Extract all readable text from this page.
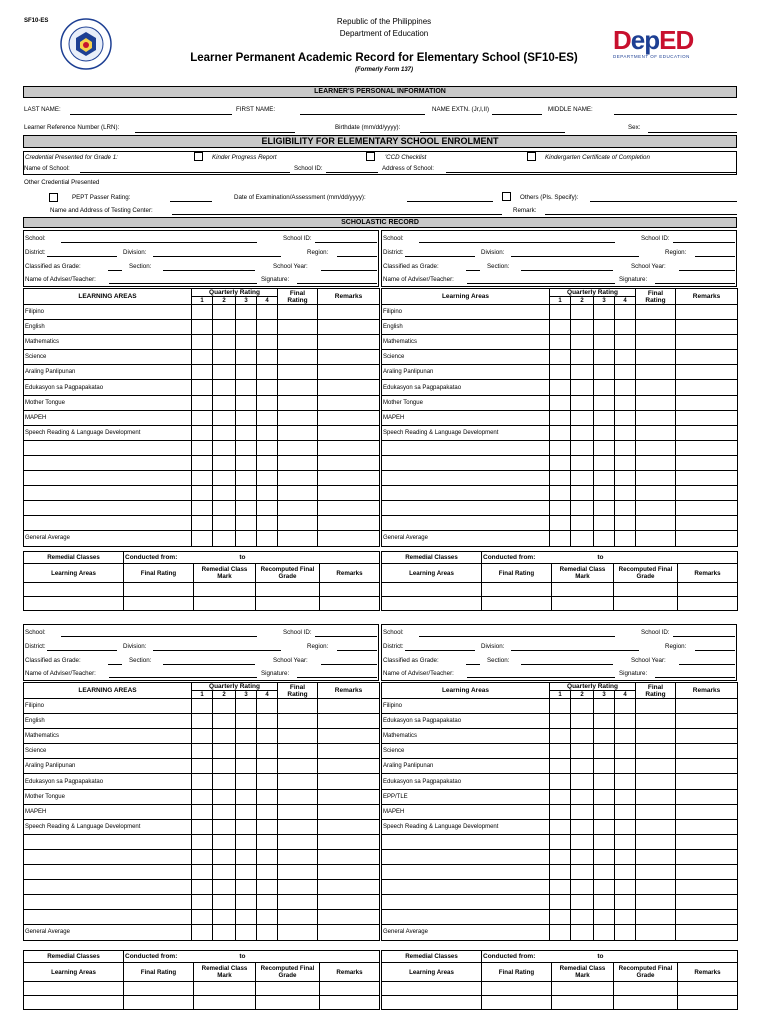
SF10-ES	Republic of the Philippines
Department of Education
Learner Permanent Academic Record for Elementary School (SF10-ES)
(Formerly Form 137)
DepED
DEPARTMENT OF EDUCATION
LEARNER'S PERSONAL INFORMATION
LAST NAME:	FIRST NAME:	NAME EXTN. (Jr,I,II)	MIDDLE NAME:
Learner Reference Number (LRN):	Birthdate (mm/dd/yyyy):	Sex:
ELIGIBILITY FOR ELEMENTARY SCHOOL ENROLMENT
Credential Presented for Grade 1:	Kinder Progress Report	'CCD Checklist	Kindergarten Certificate of Completion
Name of School:	School ID:	Address of School:
Other Credential Presented
PEPT Passer Rating:	Date of Examination/Assessment (mm/dd/yyyy):	Others (Pls. Specify):
Name and Address of Testing Center:	Remark:
SCHOLASTIC RECORD
School:	School ID:
District:	Division:	Region:
Classified as Grade:	Section:	School Year:
Name of Adviser/Teacher:	Signature:
LEARNING AREAS	Quarterly Rating				Final Rating	Remarks
	1	2	3	4		
Filipino						
English						
Mathematics						
Science						
Araling Panlipunan						
Edukasyon sa Pagpapakatao						
Mother Tongue						
MAPEH						
Speech Reading & Language Development						

General Average						
Remedial Classes	Conducted from: to			
Learning Areas	Final Rating	Remedial Class Mark	Recomputed Final Grade	Remarks

School:	School ID:
District:	Division:	Region:
Classified as Grade:	Section:	School Year:
Name of Adviser/Teacher:	Signature:
Learning Areas	Quarterly Rating				Final Rating	Remarks
	1	2	3	4		
Filipino						
English						
Mathematics						
Science						
Araling Panlipunan						
Edukasyon sa Pagpapakatao						
Mother Tongue						
MAPEH						
Speech Reading & Language Development						

General Average						
Remedial Classes	Conducted from: to			
Learning Areas	Final Rating	Remedial Class Mark	Recomputed Final Grade	Remarks

School:	School ID:
District:	Division:	Region:
Classified as Grade:	Section:	School Year:
Name of Adviser/Teacher:	Signature:
LEARNING AREAS	Quarterly Rating				Final Rating	Remarks
	1	2	3	4		
Filipino						
English						
Mathematics						
Science						
Araling Panlipunan						
Edukasyon sa Pagpapakatao						
Mother Tongue						
MAPEH						
Speech Reading & Language Development						

General Average						
Remedial Classes	Conducted from: to			
Learning Areas	Final Rating	Remedial Class Mark	Recomputed Final Grade	Remarks

School:	School ID:
District:	Division:	Region:
Classified as Grade:	Section:	School Year:
Name of Adviser/Teacher:	Signature:
Learning Areas	Quarterly Rating				Final Rating	Remarks
	1	2	3	4		
Filipino						
Edukasyon sa Pagpapakatao						
Mathematics						
Science						
Araling Panlipunan						
Edukasyon sa Pagpapakatao						
EPP/TLE						
MAPEH						
Speech Reading & Language Development						

General Average						
Remedial Classes	Conducted from: to			
Learning Areas	Final Rating	Remedial Class Mark	Recomputed Final Grade	Remarks
